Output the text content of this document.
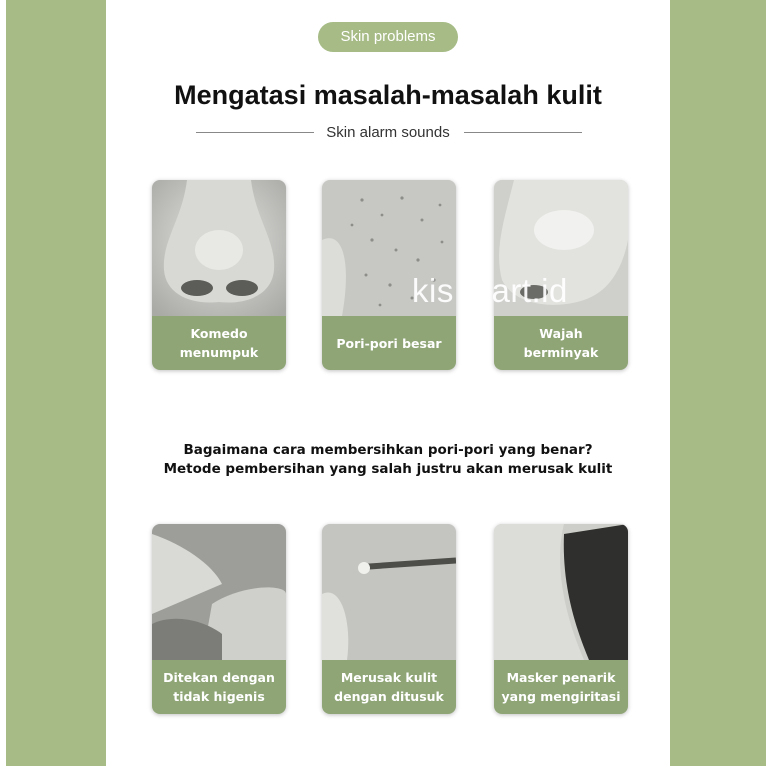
Skin problems
Mengatasi masalah-masalah kulit
Skin alarm sounds
Komedo
menumpuk
Pori-pori besar
Wajah
berminyak
kis mart.id
Bagaimana cara membersihkan pori-pori yang benar?
Metode pembersihan yang salah justru akan merusak kulit
Ditekan dengan
tidak higenis
Merusak kulit
dengan ditusuk
Masker penarik
yang mengiritasi
